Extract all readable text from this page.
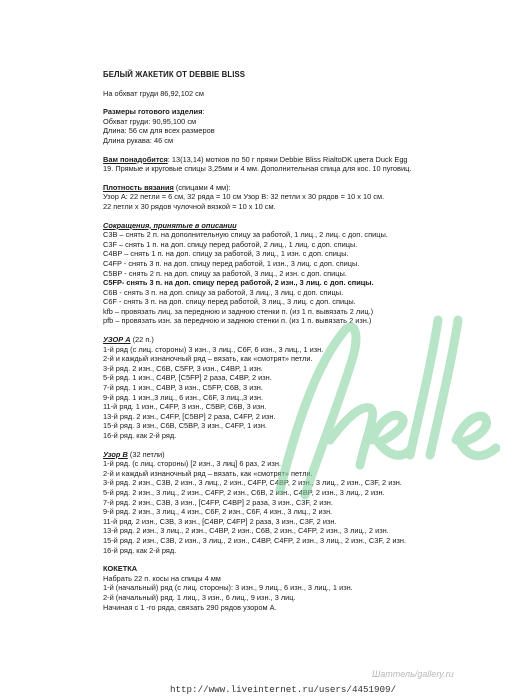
БЕЛЫЙ ЖАКЕТИК ОТ DEBBIE BLISS
На обхват груди 86,92,102 см
Размеры готового изделия:
Обхват груди: 90,95,100 см
Длина: 56 см для всех размеров
Длина рукава: 46 см
Вам понадобится: 13(13,14) мотков по 50 г пряжи Debbie Bliss RialtoDK цвета Duck Egg
19. Прямые и круговые спицы 3,25мм и 4 мм. Дополнительная спица для кос. 10 пуговиц.
Плотность вязания (спицами 4 мм):
Узор А: 22 петли = 6 см, 32 ряда = 10 см Узор В: 32 петли х 30 рядов = 10 х 10 см.
22 петли х 30 рядов чулочной вязкой = 10 х 10 см.
Сокращения, принятые в описании
C3B – снять 2 п. на дополнительную спицу за работой, 1 лиц., 2 лиц. с доп. спицы.
C3F – снять 1 п. на доп. спицу перед работой, 2 лиц., 1 лиц. с доп. спицы.
C4BP – снять 1 п. на доп. спицу за работой, 3 лиц., 1 изн. с доп. спицы.
C4FP - снять 3 п. на доп. спицу перед работой, 1 изн., 3 лиц. с доп. спицы.
C5BP - снять 2 п. на доп. спицу за работой, 3 лиц., 2 изн. с доп. спицы.
C5FP- снять 3 п. на доп. спицу перед работой, 2 изн., 3 лиц. с доп. спицы.
C6B - снять 3 п. на доп. спицу за работой, 3 лиц., 3 лиц. с доп. спицы.
C6F - снять 3 п. на доп. спицу перед работой, 3 лиц., 3 лиц. с доп. спицы.
kfb – провязать лиц. за переднюю и заднюю стенки п. (из 1 п. вывязать 2 лиц.)
pfb – провязать изн. за переднюю и заднюю стенки п. (из 1 п. вывязать 2 изн.)
УЗОР А (22 п.)
1-й ряд (с лиц. стороны) 3 изн., 3 лиц., C6F, 6 изн., 3 лиц., 1 изн.
2-й и каждый изнаночный ряд – вязать, как «смотрят» петли.
3-й ряд. 2 изн., C6B, C5FP, 3 изн., C4BP, 1 изн.
5-й ряд. 1 изн., C4BP, [C5FP] 2 раза, C4BP, 2 изн.
7-й ряд. 1 изн., C4BP, 3 изн., C5FP, C6B, 3 изн.
9-й ряд. 1 изн.,3 лиц., 6 изн., C6F, 3 лиц.,3 изн.
11-й ряд. 1 изн., C4FP, 3 изн., C5BP, C6B, 3 изн.
13-й ряд. 2 изн., C4FP, [C5BP] 2 раза, C4FP, 2 изн.
15-й ряд. 3 изн., C6B, C5BP, 3 изн., C4FP, 1 изн.
16-й ряд. как 2-й ряд.
Узор В (32 петли)
1-й ряд. (с лиц. стороны) [2 изн., 3 лиц] 6 раз, 2 изн.
2-й и каждый изнаночный ряд – вязать, как «смотрят» петли.
3-й ряд. 2 изн., C3B, 2 изн., 3 лиц., 2 изн., C4FP, C4BP, 2 изн., 3 лиц., 2 изн., C3F, 2 изн.
5-й ряд. 2 изн., 3 лиц., 2 изн., C4FP, 2 изн., C6B, 2 изн., C4BP, 2 изн., 3 лиц., 2 изн.
7-й ряд. 2 изн., C3B, 3 изн., [C4FP, C4BP] 2 раза, 3 изн., C3F, 2 изн.
9-й ряд. 2 изн., 3 лиц., 4 изн., C6F, 2 изн., C6F, 4 изн., 3 лиц., 2 изн.
11-й ряд. 2 изн., C3B, 3 изн., [C4BP, C4FP] 2 раза, 3 изн., C3F, 2 изн.
13-й ряд. 2 изн., 3 лиц., 2 изн., C4BP, 2 изн., C6B, 2 изн., C4FP, 2 изн., 3 лиц., 2 изн.
15-й ряд. 2 изн., C3B, 2 изн., 3 лиц., 2 изн., C4BP, C4FP, 2 изн., 3 лиц., 2 изн., C3F, 2 изн.
16-й ряд. как 2-й ряд.
КОКЕТКА
Набрать 22 п. косы на спицы 4 мм
1-й (начальный) ряд (с лиц. стороны): 3 изн., 9 лиц., 6 изн., 3 лиц., 1 изн.
2-й (начальный) ряд. 1 лиц., 3 изн., 6 лиц., 9 изн., 3 лиц.
Начиная с 1 -го ряда, связать 290 рядов узором А.
Шаттель/gallery.ru
http://www.liveinternet.ru/users/4451909/
